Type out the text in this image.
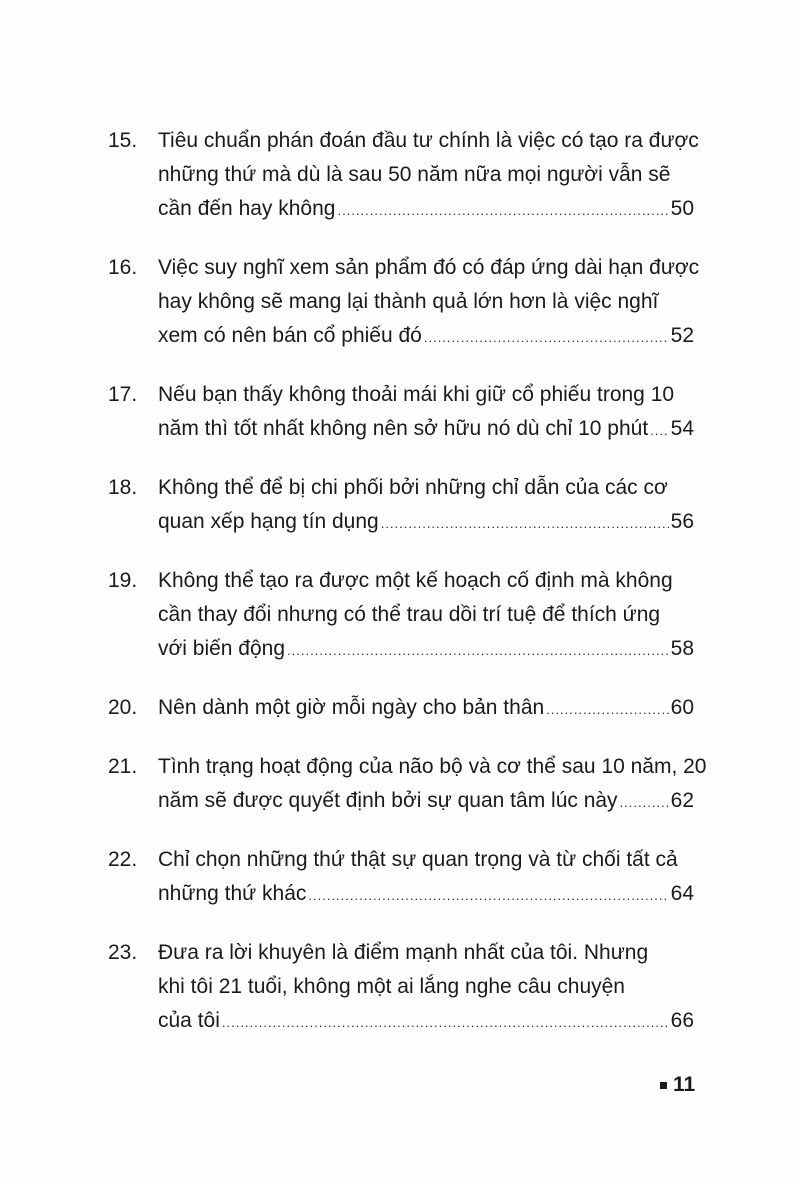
15. Tiêu chuẩn phán đoán đầu tư chính là việc có tạo ra được
những thứ mà dù là sau 50 năm nữa mọi người vẫn sẽ
cần đến hay không .....	50
16. Việc suy nghĩ xem sản phẩm đó có đáp ứng dài hạn được
hay không sẽ mang lại thành quả lớn hơn là việc nghĩ
xem có nên bán cổ phiếu đó .....	52
17. Nếu bạn thấy không thoải mái khi giữ cổ phiếu trong 10
năm thì tốt nhất không nên sở hữu nó dù chỉ 10 phút ..... 54
18. Không thể để bị chi phối bởi những chỉ dẫn của các cơ
quan xếp hạng tín dụng .....	56
19. Không thể tạo ra được một kế hoạch cố định mà không
cần thay đổi nhưng có thể trau dồi trí tuệ để thích ứng
với biến động .....	58
20. Nên dành một giờ mỗi ngày cho bản thân .....	60
21. Tình trạng hoạt động của não bộ và cơ thể sau 10 năm, 20
năm sẽ được quyết định bởi sự quan tâm lúc này .....	62
22. Chỉ chọn những thứ thật sự quan trọng và từ chối tất cả
những thứ khác .....	64
23. Đưa ra lời khuyên là điểm mạnh nhất của tôi. Nhưng
khi tôi 21 tuổi, không một ai lắng nghe câu chuyện
của tôi .....	66
11
